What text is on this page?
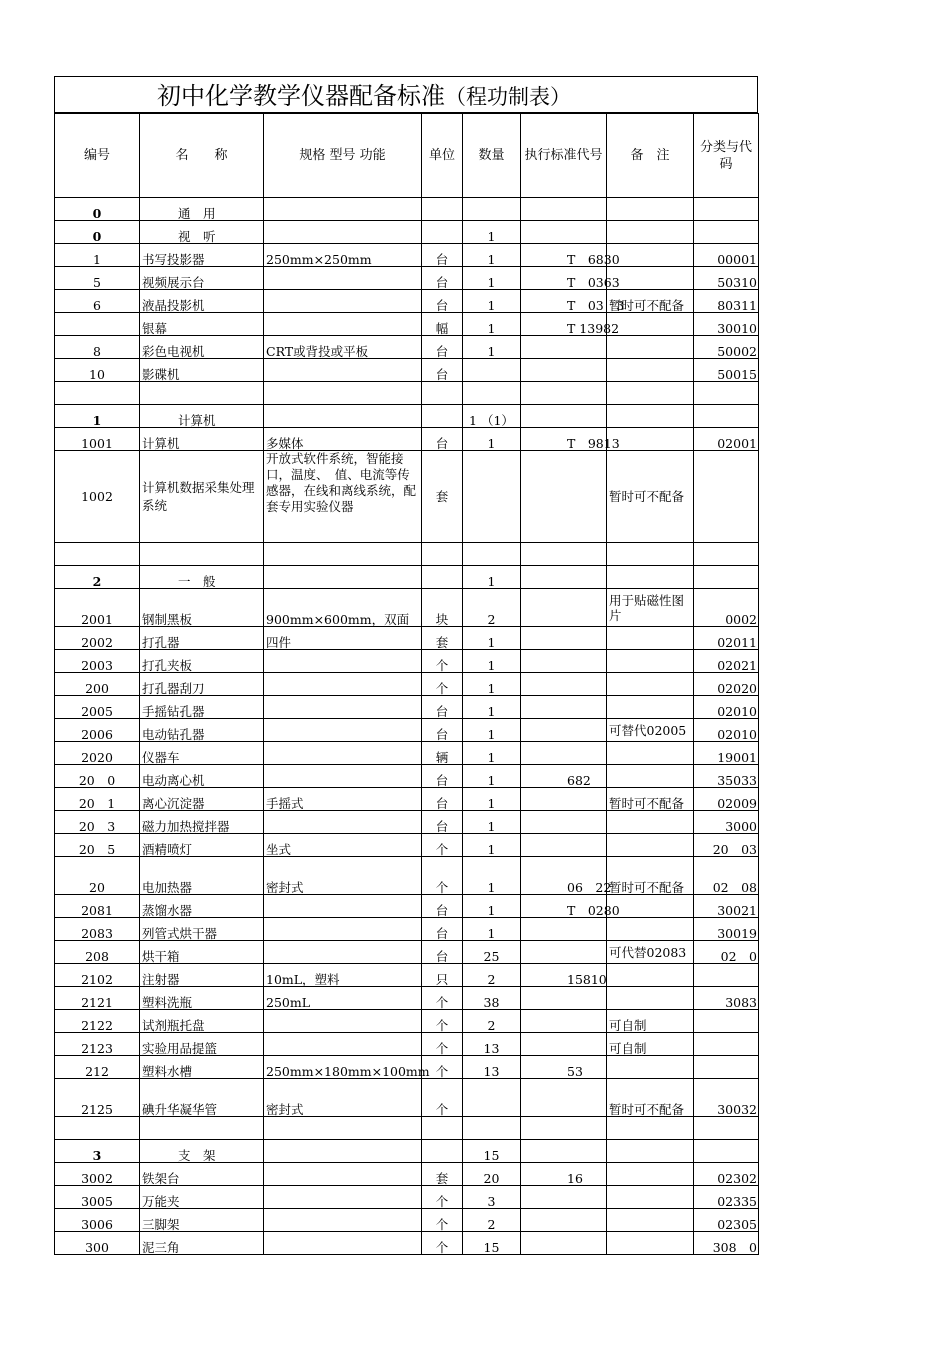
初中化学教学仪器配备标准 （程功制表）
编号	名　　称	规格 型号 功能	单位	数量	执行标准代号	备　注	分类与代 码
0	通　用						
0	视　听			1			
1	书写投影器	250mm×250mm	台	1	T　6830		00001
5	视频展示台		台	1	T　0363		50310
6	液晶投影机		台	1	T　03　3	暂时可不配备	80311
	银幕		幅	1	T 13982		30010
8	彩色电视机	CRT或背投或平板	台	1			50002
10	影碟机		台				50015

1	计算机			1 （1）			
1001	计算机	多媒体	台	1	T　9813		02001
1002	计算机数据采集处理系统	开放式软件系统，智能接口，温度、　值、电流等传感器，在线和离线系统，配套专用实验仪器	套			暂时可不配备	

2	一　般			1			
2001	钢制黑板	900mm×600mm，双面	块	2		用于贴磁性图片	0002
2002	打孔器	四件	套	1			02011
2003	打孔夹板		个	1			02021
200	打孔器刮刀		个	1			02020
2005	手摇钻孔器		台	1			02010
2006	电动钻孔器		台	1		可替代02005	02010
2020	仪器车		辆	1			19001
20　0	电动离心机		台	1	682		35033
20　1	离心沉淀器	手摇式	台	1		暂时可不配备	02009
20　3	磁力加热搅拌器		台	1			3000
20　5	酒精喷灯	坐式	个	1			20　03
20	电加热器	密封式	个	1	06　22	暂时可不配备	02　08
2081	蒸馏水器		台	1	T　0280		30021
2083	列管式烘干器		台	1			30019
208	烘干箱		台	25		可代替02083	02　0
2102	注射器	10mL，塑料	只	2	15810		
2121	塑料洗瓶	250mL	个	38			3083
2122	试剂瓶托盘		个	2		可自制	
2123	实验用品提篮		个	13		可自制	
212	塑料水槽	250mm×180mm×100mm	个	13	53		
2125	碘升华凝华管	密封式	个			暂时可不配备	30032

3	支　架			15			
3002	铁架台		套	20	16		02302
3005	万能夹		个	3			02335
3006	三脚架		个	2			02305
300	泥三角		个	15			308　0
